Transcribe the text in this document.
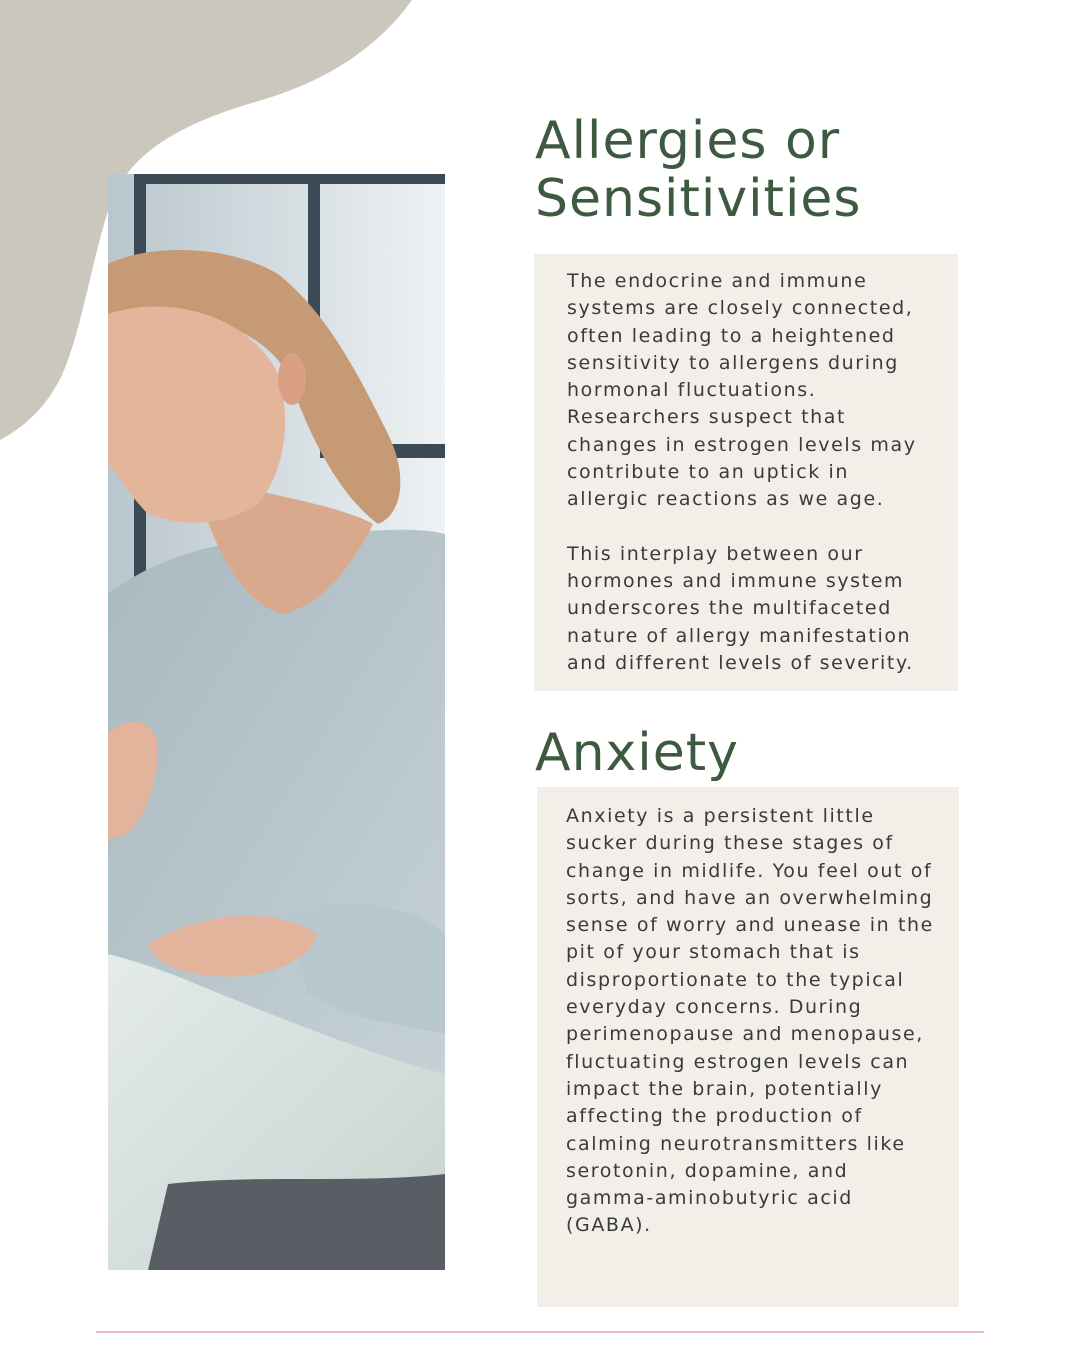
Allergies or
Sensitivities

The endocrine and immune systems are closely connected, often leading to a heightened sensitivity to allergens during hormonal fluctuations. Researchers suspect that changes in estrogen levels may contribute to an uptick in allergic reactions as we age.

This interplay between our hormones and immune system underscores the multifaceted nature of allergy manifestation and different levels of severity.

Anxiety

Anxiety is a persistent little sucker during these stages of change in midlife. You feel out of sorts, and have an overwhelming sense of worry and unease in the pit of your stomach that is disproportionate to the typical everyday concerns. During perimenopause and menopause, fluctuating estrogen levels can impact the brain, potentially affecting the production of calming neurotransmitters like serotonin, dopamine, and gamma-aminobutyric acid (GABA).
